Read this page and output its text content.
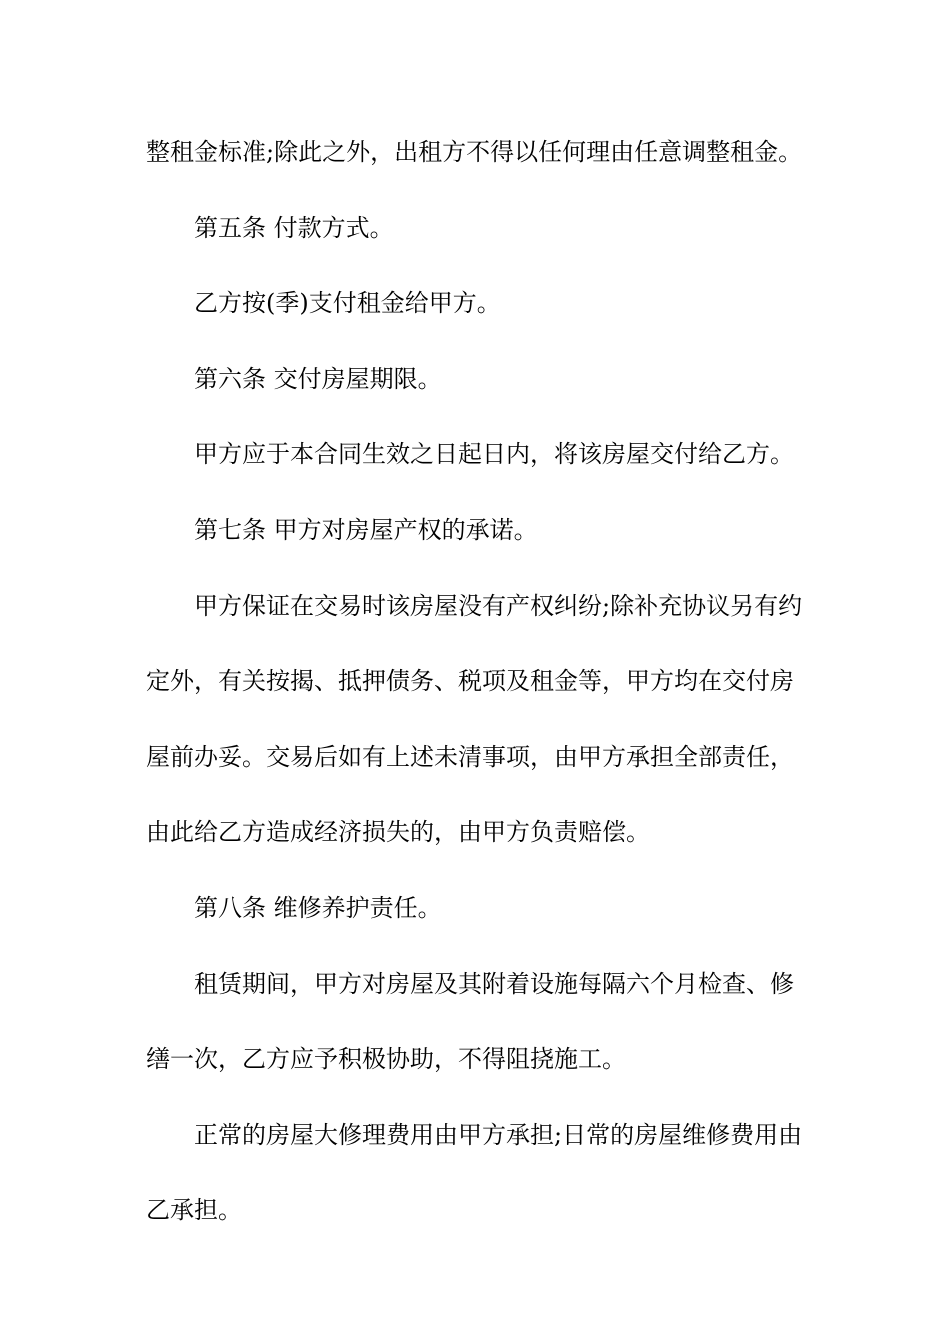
整租金标准;除此之外，出租方不得以任何理由任意调整租金。
第五条 付款方式。
乙方按(季)支付租金给甲方。
第六条 交付房屋期限。
甲方应于本合同生效之日起日内，将该房屋交付给乙方。
第七条 甲方对房屋产权的承诺。
甲方保证在交易时该房屋没有产权纠纷;除补充协议另有约
定外，有关按揭、抵押债务、税项及租金等，甲方均在交付房
屋前办妥。交易后如有上述未清事项，由甲方承担全部责任，
由此给乙方造成经济损失的，由甲方负责赔偿。
第八条 维修养护责任。
租赁期间，甲方对房屋及其附着设施每隔六个月检查、修
缮一次，乙方应予积极协助，不得阻挠施工。
正常的房屋大修理费用由甲方承担;日常的房屋维修费用由
乙承担。
